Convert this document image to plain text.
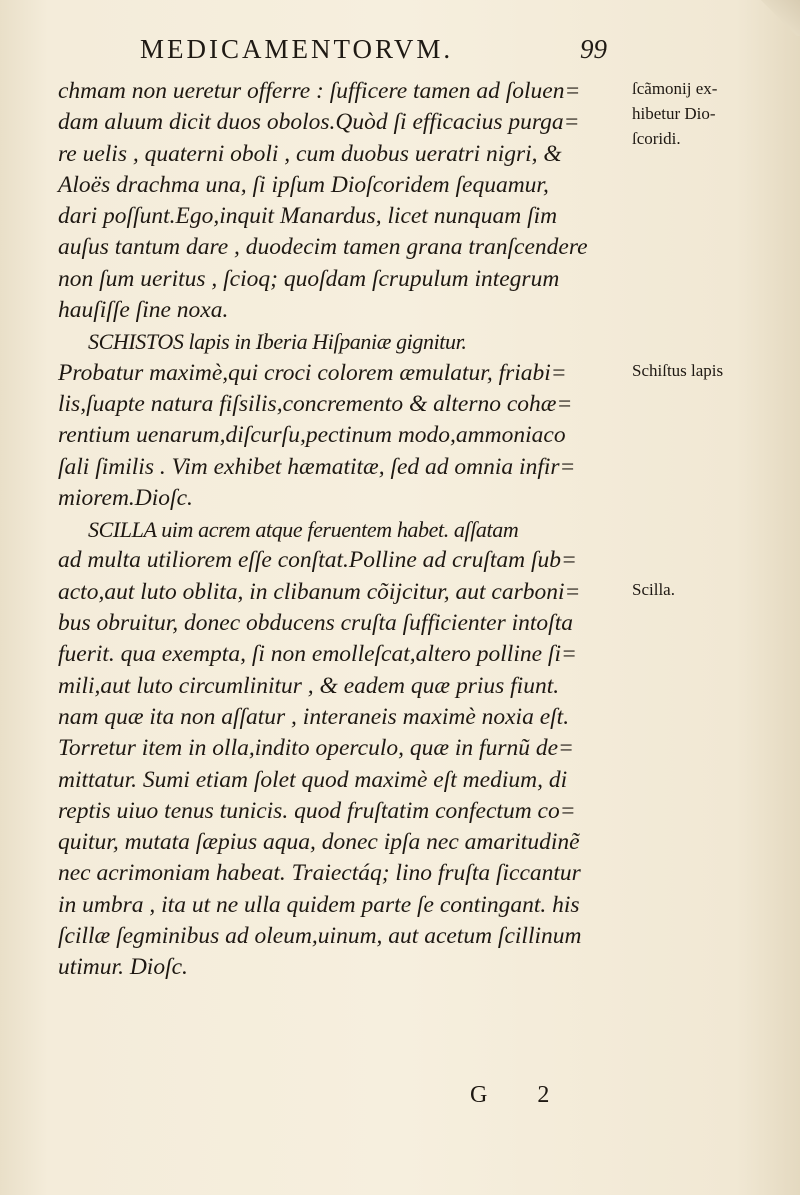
MEDICAMENTORVM.	99
chmam non ueretur offerre : ſufficere tamen ad ſoluen=
dam aluum dicit duos obolos.Quòd ſi efficacius purga=
re uelis , quaterni oboli , cum duobus ueratri nigri, &
Aloës drachma una, ſi ipſum Dioſcoridem ſequamur,
dari poſſunt.Ego,inquit Manardus, licet nunquam ſim
auſus tantum dare , duodecim tamen grana tranſcendere
non ſum ueritus , ſcioq; quoſdam ſcrupulum integrum
hauſiſſe ſine noxa.
SCHISTOS lapis in Iberia Hiſpaniæ gignitur.
Probatur maximè,qui croci colorem æmulatur, friabi=
lis,ſuapte natura fiſsilis,concremento & alterno cohæ=
rentium uenarum,diſcurſu,pectinum modo,ammoniaco
ſali ſimilis . Vim exhibet hæmatitæ, ſed ad omnia infir=
miorem.Dioſc.
SCILLA uim acrem atque feruentem habet. aſſatam
ad multa utiliorem eſſe conſtat.Polline ad cruſtam ſub=
acto,aut luto oblita, in clibanum cõijcitur, aut carboni=
bus obruitur, donec obducens cruſta ſufficienter intoſta
fuerit. qua exempta, ſi non emolleſcat,altero polline ſi=
mili,aut luto circumlinitur , & eadem quæ prius fiunt.
nam quæ ita non aſſatur , interaneis maximè noxia eſt.
Torretur item in olla,indito operculo, quæ in furnũ de=
mittatur. Sumi etiam ſolet quod maximè eſt medium, di
reptis uiuo tenus tunicis. quod fruſtatim confectum co=
quitur, mutata ſæpius aqua, donec ipſa nec amaritudinẽ
nec acrimoniam habeat. Traiectáq; lino fruſta ſiccantur
in umbra , ita ut ne ulla quidem parte ſe contingant. his
ſcillæ ſegminibus ad oleum,uinum, aut acetum ſcillinum
utimur. Dioſc.
ſcãmonij ex-
hibetur Dio-
ſcoridi.
Schiſtus lapis
Scilla.
G 2
